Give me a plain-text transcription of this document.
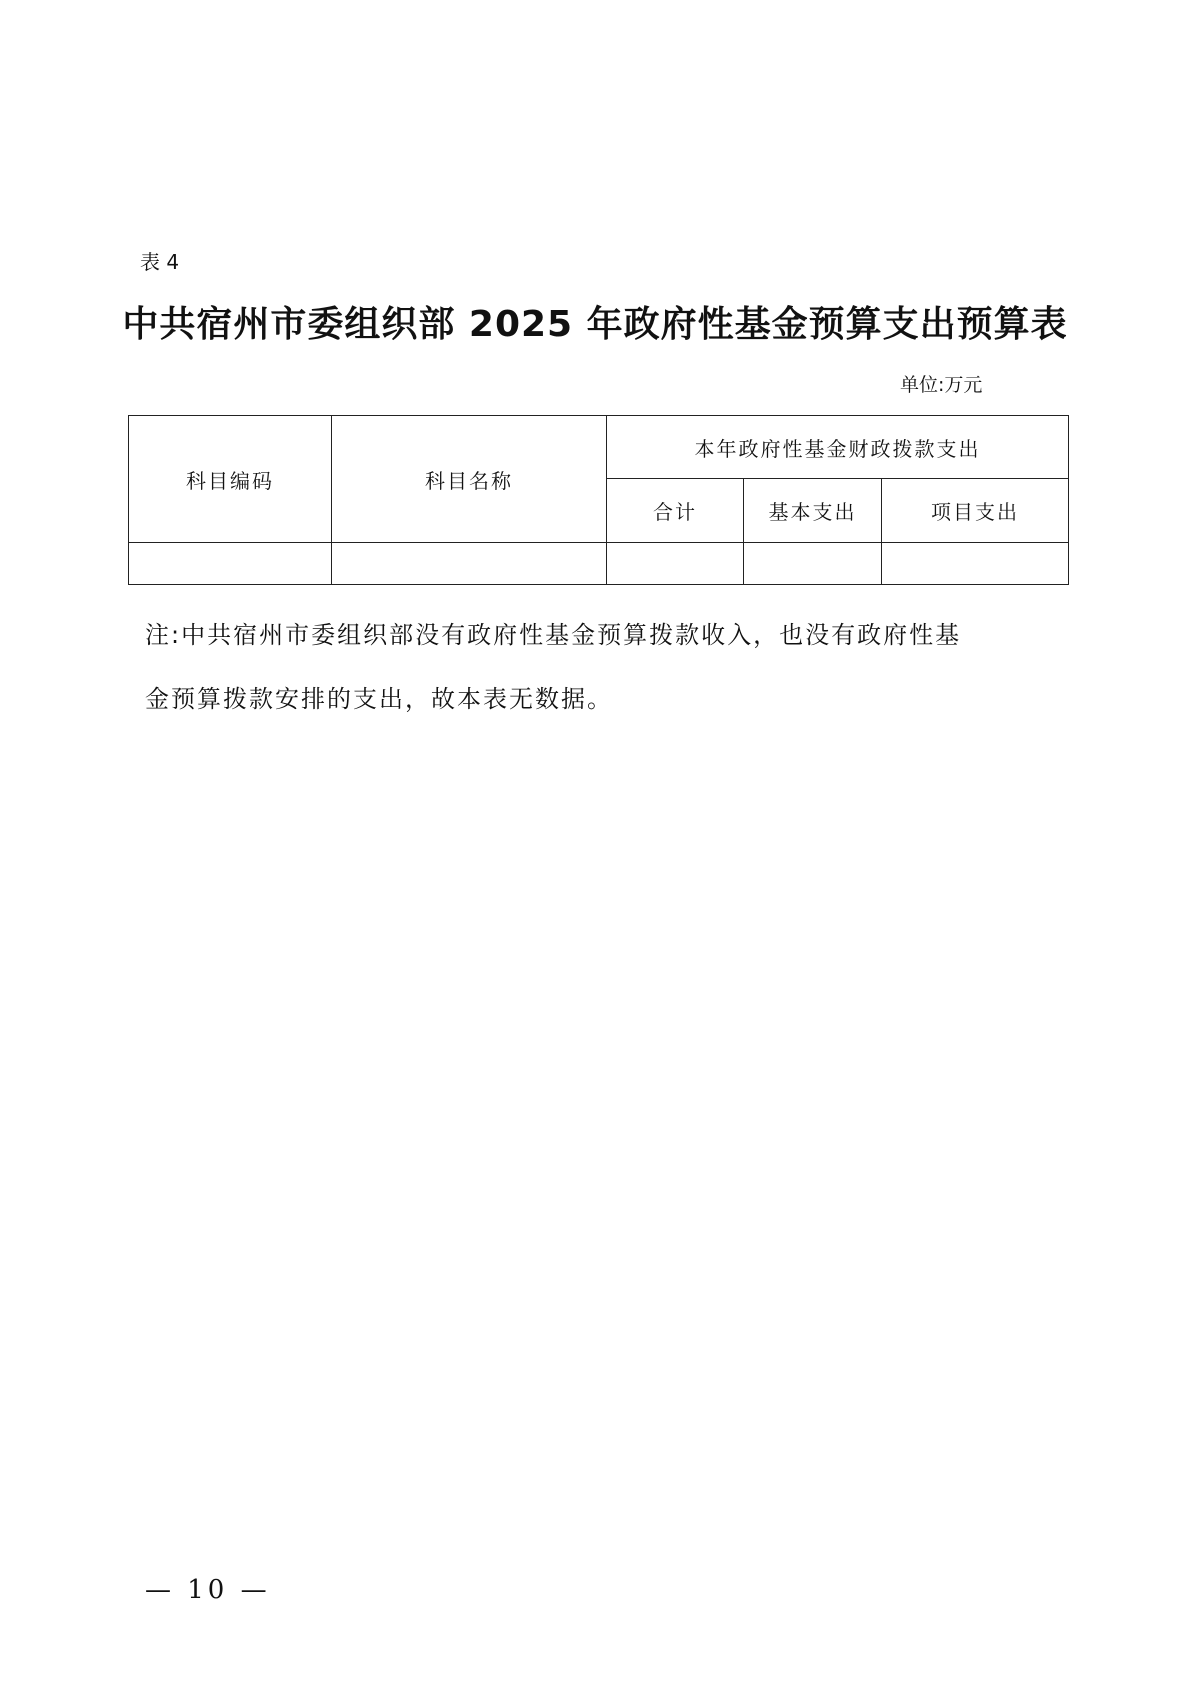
表 4
中共宿州市委组织部 2025 年政府性基金预算支出预算表
单位:万元
科目编码	科目名称	本年政府性基金财政拨款支出		
		合计	基本支出	项目支出

注:中共宿州市委组织部没有政府性基金预算拨款收入，也没有政府性基

金预算拨款安排的支出，故本表无数据。

— 10 —
